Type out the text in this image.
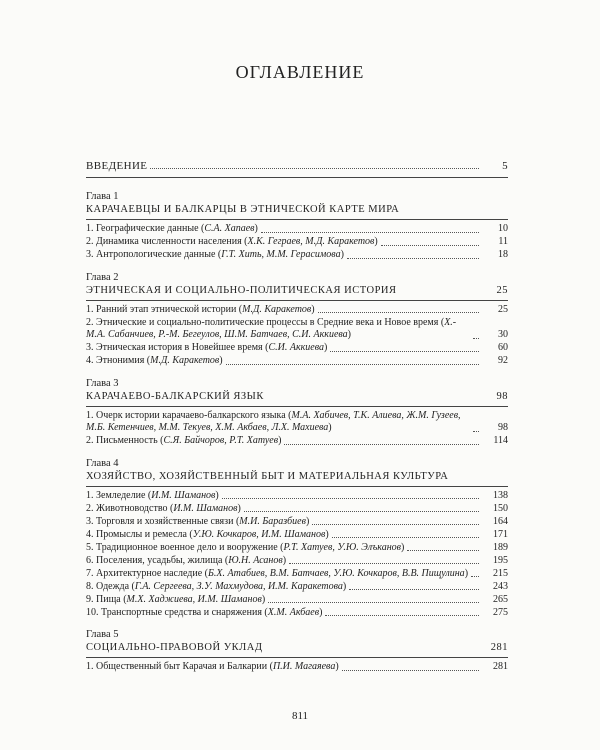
ОГЛАВЛЕНИЕ
ВВЕДЕНИЕ	5
Глава 1
КАРАЧАЕВЦЫ И БАЛКАРЦЫ В ЭТНИЧЕСКОЙ КАРТЕ МИРА
1. Географические данные (С.А. Хапаев)	10
2. Динамика численности населения (Х.К. Геграев, М.Д. Каракетов)	11
3. Антропологические данные (Г.Т. Хить, М.М. Герасимова)	18
Глава 2
ЭТНИЧЕСКАЯ И СОЦИАЛЬНО-ПОЛИТИЧЕСКАЯ ИСТОРИЯ	25
1. Ранний этап этнической истории (М.Д. Каракетов)	25
2. Этнические и социально-политические процессы в Средние века и Новое время (Х.-М.А. Сабанчиев, Р.-М. Бегеулов, Ш.М. Батчаев, С.И. Аккиева)	30
3. Этническая история в Новейшее время (С.И. Аккиева)	60
4. Этнонимия (М.Д. Каракетов)	92
Глава 3
КАРАЧАЕВО-БАЛКАРСКИЙ ЯЗЫК	98
1. Очерк истории карачаево-балкарского языка (М.А. Хабичев, Т.К. Алиева, Ж.М. Гузеев, М.Б. Кетенчиев, М.М. Текуев, Х.М. Акбаев, Л.Х. Махиева)	98
2. Письменность (С.Я. Байчоров, Р.Т. Хатуев)	114
Глава 4
ХОЗЯЙСТВО, ХОЗЯЙСТВЕННЫЙ БЫТ И МАТЕРИАЛЬНАЯ КУЛЬТУРА
1. Земледелие (И.М. Шаманов)	138
2. Животноводство (И.М. Шаманов)	150
3. Торговля и хозяйственные связи (М.И. Баразбиев)	164
4. Промыслы и ремесла (У.Ю. Кочкаров, И.М. Шаманов)	171
5. Традиционное военное дело и вооружение (Р.Т. Хатуев, У.Ю. Элъканов)	189
6. Поселения, усадьбы, жилища (Ю.Н. Асанов)	195
7. Архитектурное наследие (Б.Х. Атабиев, В.М. Батчаев, У.Ю. Кочкаров, В.В. Пищулина)	215
8. Одежда (Г.А. Сергеева, З.У. Махмудова, И.М. Каракетова)	243
9. Пища (М.Х. Хаджиева, И.М. Шаманов)	265
10. Транспортные средства и снаряжения (Х.М. Акбаев)	275
Глава 5
СОЦИАЛЬНО-ПРАВОВОЙ УКЛАД	281
1. Общественный быт Карачая и Балкарии (П.И. Магаяева)	281
811
